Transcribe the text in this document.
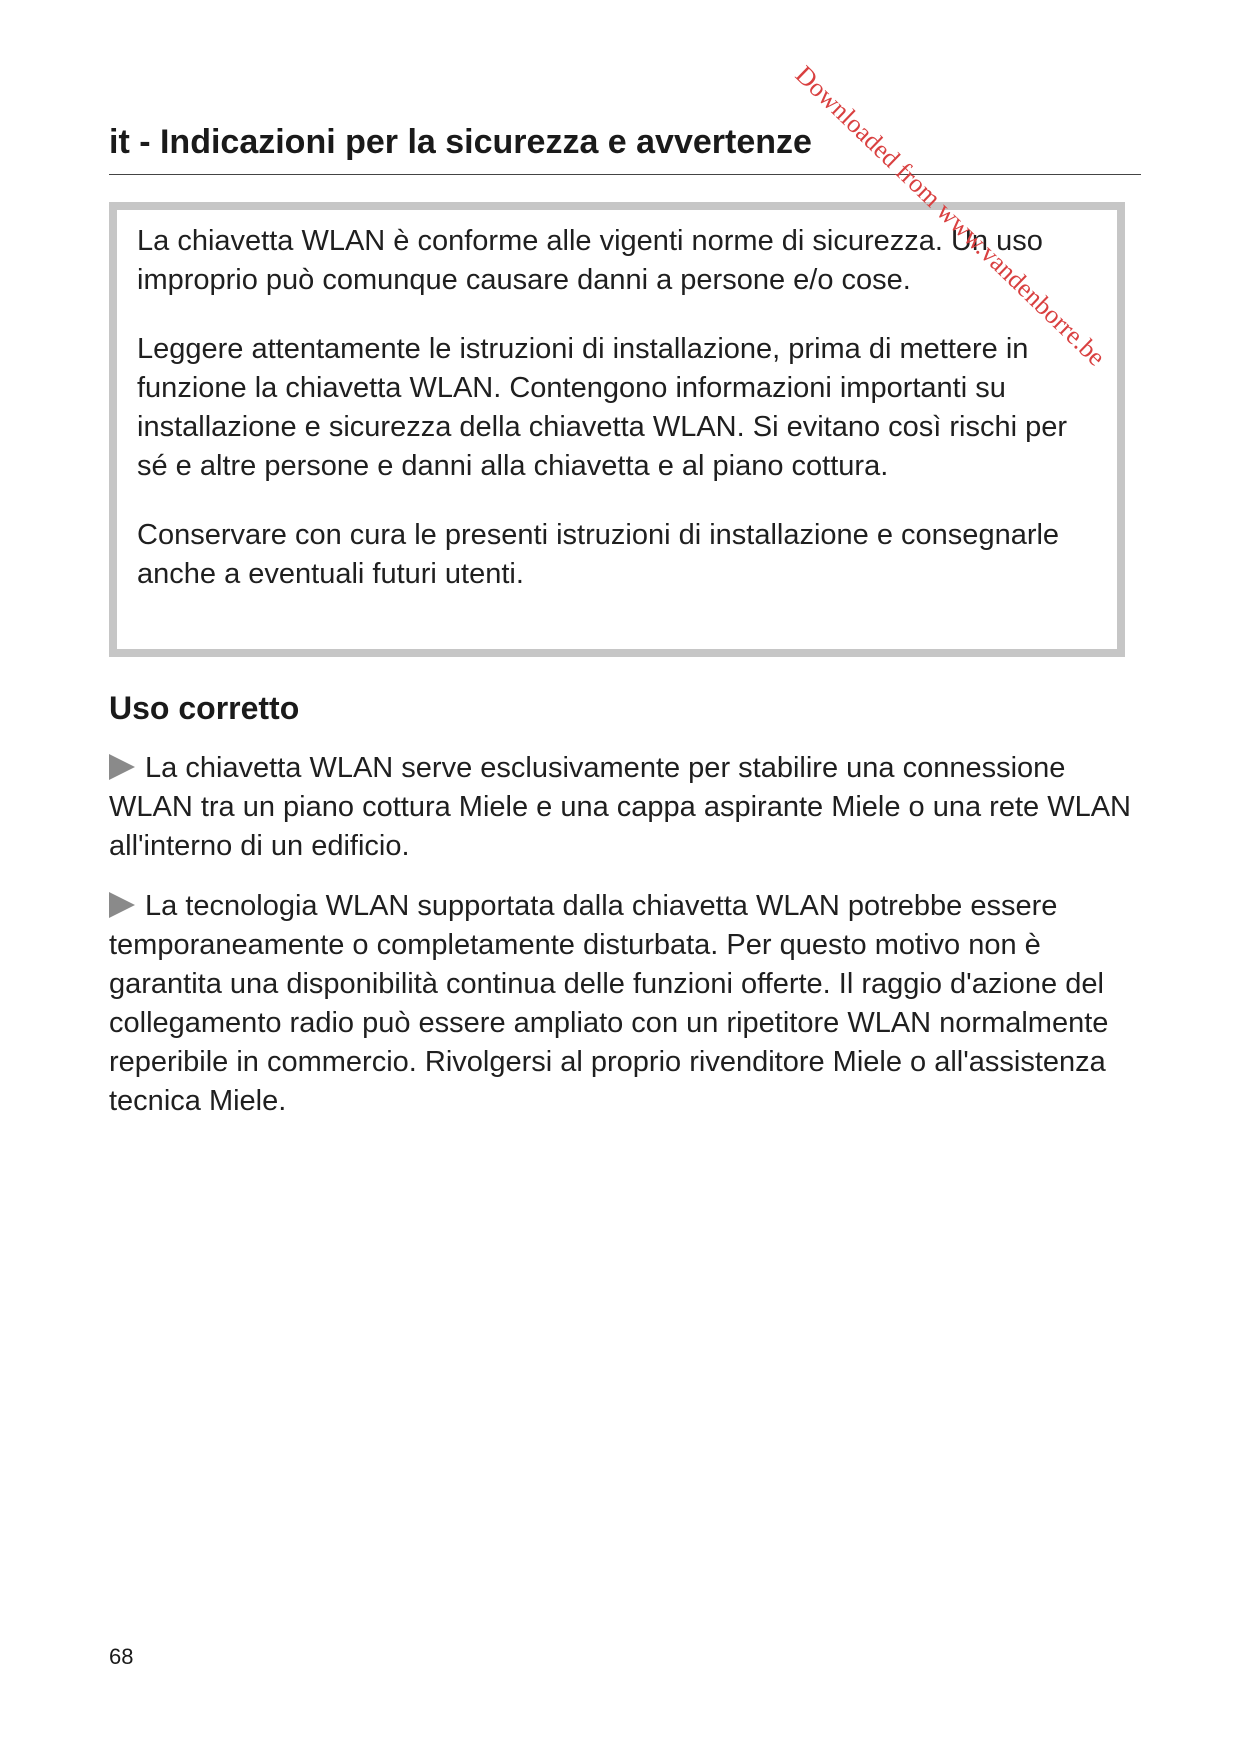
it - Indicazioni per la sicurezza e avvertenze

La chiavetta WLAN è conforme alle vigenti norme di sicurezza. Un uso improprio può comunque causare danni a persone e/o cose.

Leggere attentamente le istruzioni di installazione, prima di mettere in funzione la chiavetta WLAN. Contengono informazioni importanti su installazione e sicurezza della chiavetta WLAN. Si evitano così rischi per sé e altre persone e danni alla chiavetta e al piano cottura.

Conservare con cura le presenti istruzioni di installazione e consegnarle anche a eventuali futuri utenti.

Uso corretto

La chiavetta WLAN serve esclusivamente per stabilire una connessione WLAN tra un piano cottura Miele e una cappa aspirante Miele o una rete WLAN all'interno di un edificio.

La tecnologia WLAN supportata dalla chiavetta WLAN potrebbe essere temporaneamente o completamente disturbata. Per questo motivo non è garantita una disponibilità continua delle funzioni offerte. Il raggio d'azione del collegamento radio può essere ampliato con un ripetitore WLAN normalmente reperibile in commercio. Rivolgersi al proprio rivenditore Miele o all'assistenza tecnica Miele.

68
Downloaded from www.vandenborre.be
